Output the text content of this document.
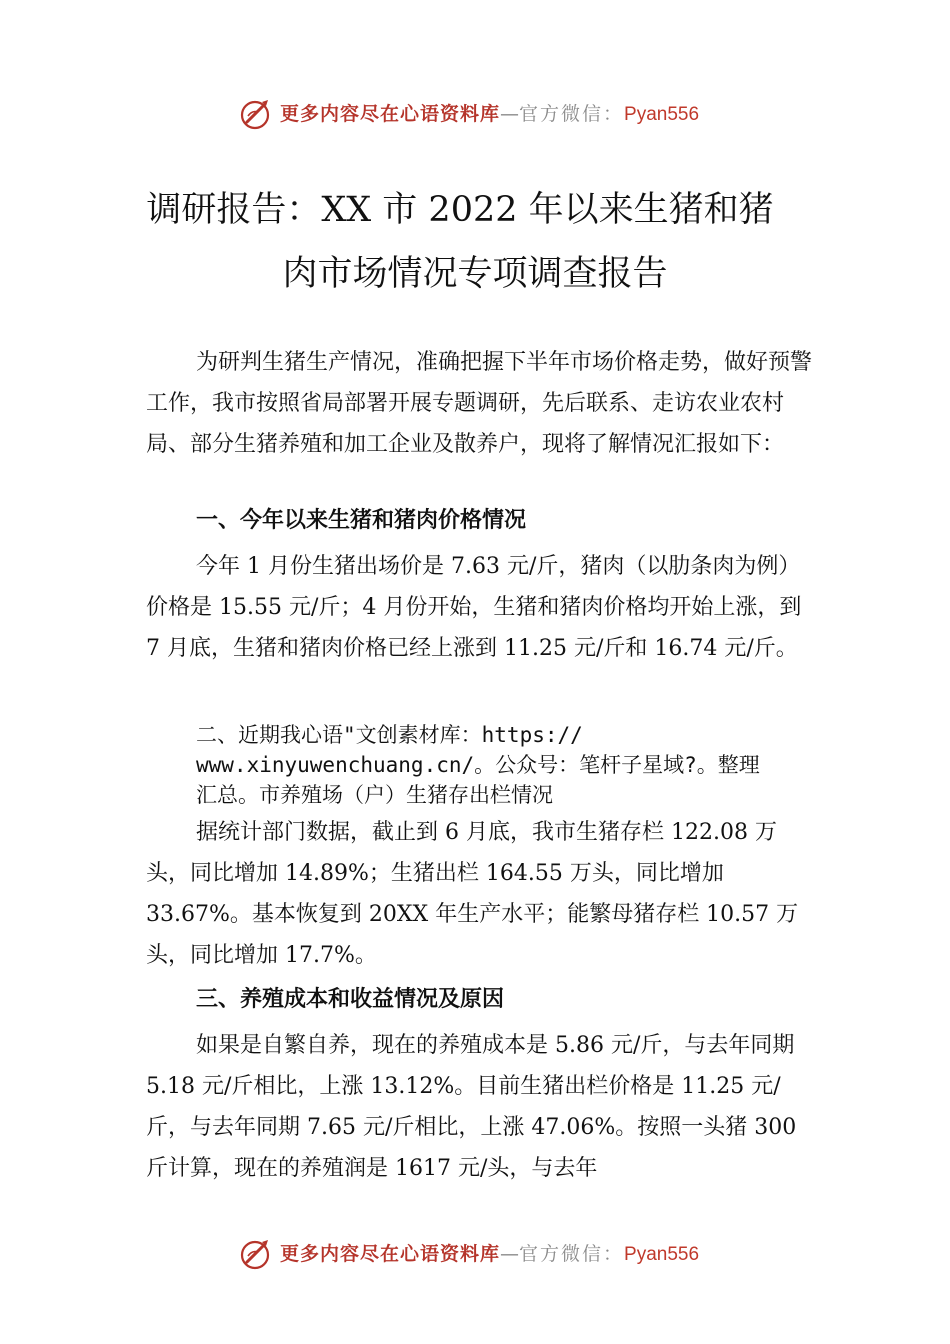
更多内容尽在心语资料库—官方微信：Pyan556
调研报告：XX 市 2022 年以来生猪和猪
肉市场情况专项调查报告

为研判生猪生产情况，准确把握下半年市场价格走势，做好预警工作，我市按照省局部署开展专题调研，先后联系、走访农业农村局、部分生猪养殖和加工企业及散养户，现将了解情况汇报如下：

一、今年以来生猪和猪肉价格情况

今年 1 月份生猪出场价是 7.63 元/斤，猪肉（以肋条肉为例）价格是 15.55 元/斤；4 月份开始，生猪和猪肉价格均开始上涨，到 7 月底，生猪和猪肉价格已经上涨到 11.25 元/斤和 16.74 元/斤。

二、近期我心语"文创素材库：https://
www.xinyuwenchuang.cn/。公众号：笔杆子星域?。整理
汇总。市养殖场（户）生猪存出栏情况

据统计部门数据，截止到 6 月底，我市生猪存栏 122.08 万头，同比增加 14.89%；生猪出栏 164.55 万头，同比增加 33.67%。基本恢复到 20XX 年生产水平；能繁母猪存栏 10.57 万头，同比增加 17.7%。

三、养殖成本和收益情况及原因

如果是自繁自养，现在的养殖成本是 5.86 元/斤，与去年同期 5.18 元/斤相比，上涨 13.12%。目前生猪出栏价格是 11.25 元/斤，与去年同期 7.65 元/斤相比，上涨 47.06%。按照一头猪 300 斤计算，现在的养殖润是 1617 元/头，与去年

更多内容尽在心语资料库—官方微信：Pyan556
